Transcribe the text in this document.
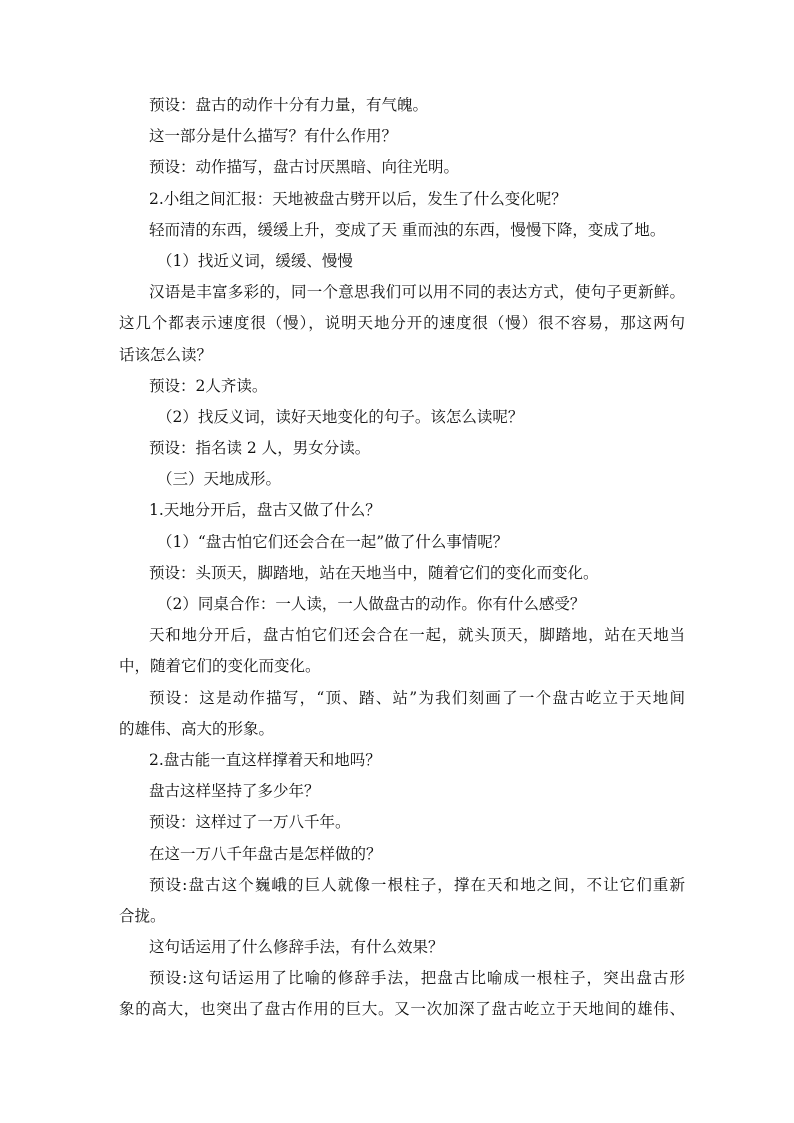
预设：盘古的动作十分有力量，有气魄。

这一部分是什么描写？有什么作用？

预设：动作描写，盘古讨厌黑暗、向往光明。

2.小组之间汇报：天地被盘古劈开以后，发生了什么变化呢？

轻而清的东西，缓缓上升，变成了天 重而浊的东西，慢慢下降，变成了地。

（1）找近义词，缓缓、慢慢

汉语是丰富多彩的，同一个意思我们可以用不同的表达方式，使句子更新鲜。

这几个都表示速度很（慢），说明天地分开的速度很（慢）很不容易，那这两句

话该怎么读？

预设：2人齐读。

（2）找反义词，读好天地变化的句子。该怎么读呢？

预设：指名读 2 人，男女分读。

（三）天地成形。

1.天地分开后，盘古又做了什么？

（1）“盘古怕它们还会合在一起”做了什么事情呢？

预设：头顶天，脚踏地，站在天地当中，随着它们的变化而变化。

（2）同桌合作：一人读，一人做盘古的动作。你有什么感受？

天和地分开后，盘古怕它们还会合在一起，就头顶天，脚踏地，站在天地当

中，随着它们的变化而变化。

预设：这是动作描写，“顶、踏、站”为我们刻画了一个盘古屹立于天地间

的雄伟、高大的形象。

2.盘古能一直这样撑着天和地吗？

盘古这样坚持了多少年？

预设：这样过了一万八千年。

在这一万八千年盘古是怎样做的？

预设:盘古这个巍峨的巨人就像一根柱子，撑在天和地之间，不让它们重新

合拢。

这句话运用了什么修辞手法，有什么效果？

预设:这句话运用了比喻的修辞手法，把盘古比喻成一根柱子，突出盘古形

象的高大，也突出了盘古作用的巨大。又一次加深了盘古屹立于天地间的雄伟、
